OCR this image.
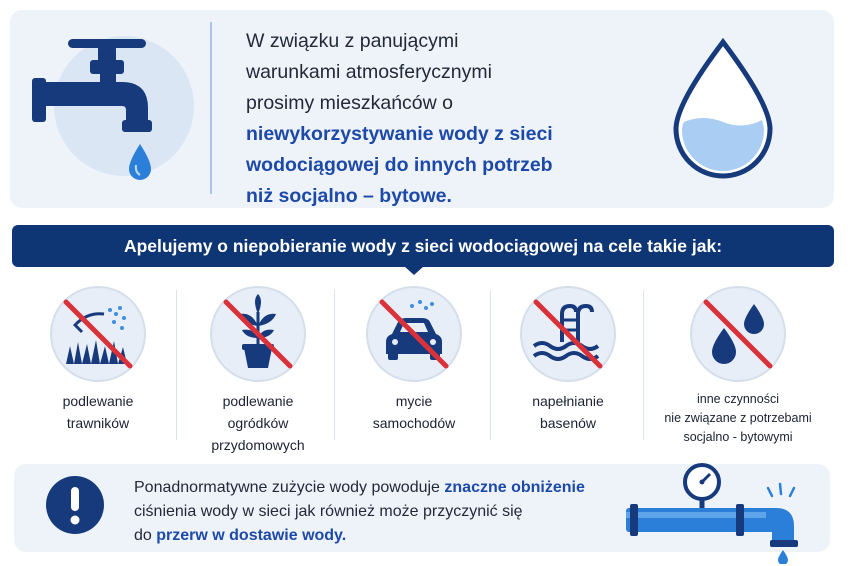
W związku z panującymi
warunkami atmosferycznymi
prosimy mieszkańców o
niewykorzystywanie wody z sieci
wodociągowej do innych potrzeb
niż socjalno – bytowe.
Apelujemy o niepobieranie wody z sieci wodociągowej na cele takie jak:
podlewanie
trawników
podlewanie
ogródków
przydomowych
mycie
samochodów
napełnianie
basenów
inne czynności
nie związane z potrzebami
socjalno - bytowymi
Ponadnormatywne zużycie wody powoduje znaczne obniżenie
ciśnienia wody w sieci jak również może przyczynić się
do przerw w dostawie wody.
